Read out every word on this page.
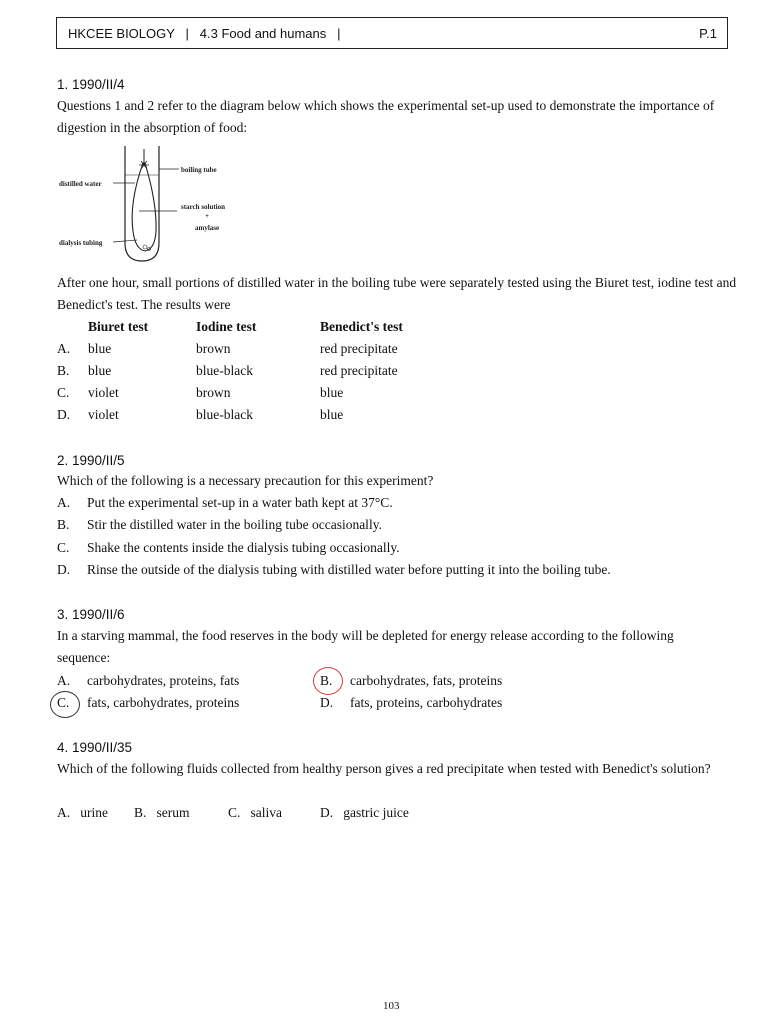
HKCEE BIOLOGY | 4.3 Food and humans |	P.1
1. 1990/II/4
Questions 1 and 2 refer to the diagram below which shows the experimental set-up used to demonstrate the importance of digestion in the absorption of food:
boiling tube
distilled water
starch solution
+
amylase
dialysis tubing
After one hour, small portions of distilled water in the boiling tube were separately tested using the Biuret test, iodine test and Benedict's test. The results were
Biuret test	Iodine test	Benedict's test
A. blue	brown	red precipitate
B. blue	blue-black	red precipitate
C. violet	brown	blue
D. violet	blue-black	blue
2. 1990/II/5
Which of the following is a necessary precaution for this experiment?
A. Put the experimental set-up in a water bath kept at 37°C.
B. Stir the distilled water in the boiling tube occasionally.
C. Shake the contents inside the dialysis tubing occasionally.
D. Rinse the outside of the dialysis tubing with distilled water before putting it into the boiling tube.
3. 1990/II/6
In a starving mammal, the food reserves in the body will be depleted for energy release according to the following sequence:
A. carbohydrates, proteins, fats	B. carbohydrates, fats, proteins
C. fats, carbohydrates, proteins	D. fats, proteins, carbohydrates
4. 1990/II/35
Which of the following fluids collected from healthy person gives a red precipitate when tested with Benedict's solution?
A. urine B. serum	C. saliva	D. gastric juice
103
